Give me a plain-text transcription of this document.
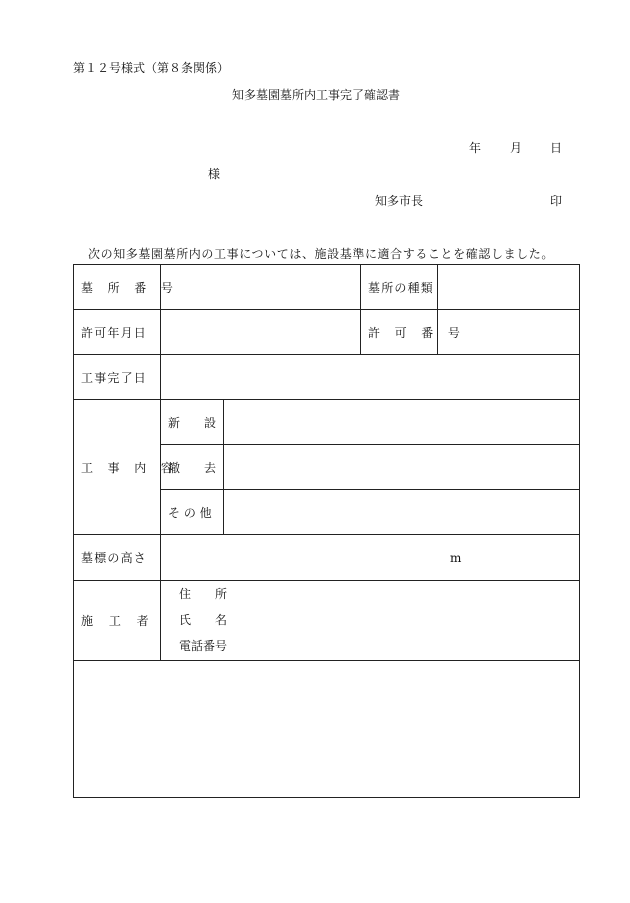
第１２号様式（第８条関係）
知多墓園墓所内工事完了確認書
年 月 日
様
知多市長	印
次の知多墓園墓所内の工事については、施設基準に適合することを確認しました。
墓 所 番 号			墓所の種類	
許可年月日			許 可 番 号	
工事完了日				
工 事 内 容	新　　設			
	撤　　去			
	そ の 他			
墓標の高さ	m			

施　 工　 者	住　　所
氏　　名
電話番号			
